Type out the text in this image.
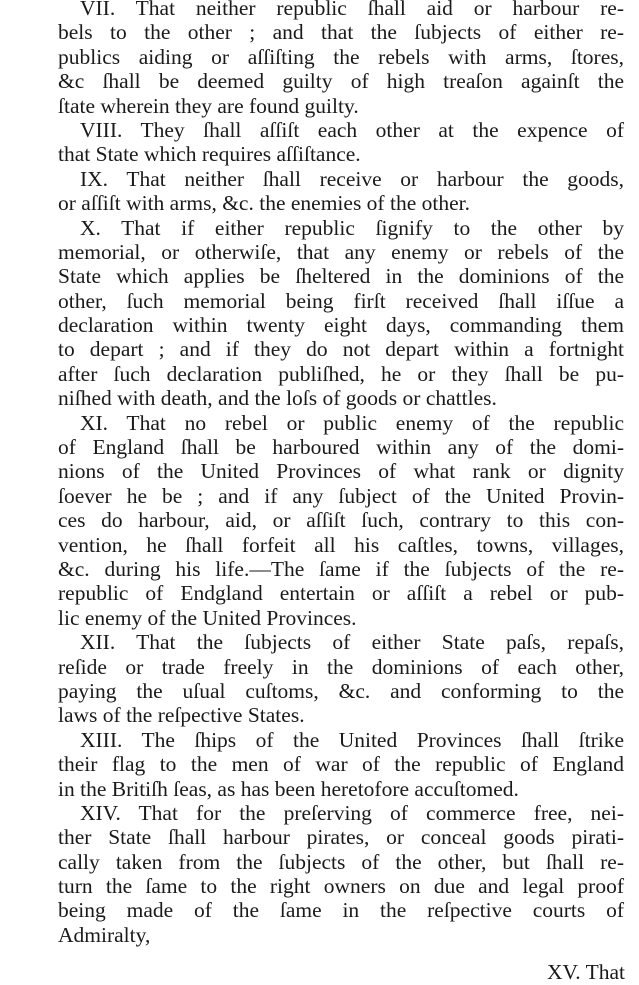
VII. That neither republic ſhall aid or harbour re-
bels to the other ; and that the ſubjects of either re-
publics aiding or aſſiſting the rebels with arms, ſtores,
&c ſhall be deemed guilty of high treaſon againſt the
ſtate wherein they are found guilty.
VIII. They ſhall aſſiſt each other at the expence of
that State which requires aſſiſtance.
IX. That neither ſhall receive or harbour the goods,
or aſſiſt with arms, &c. the enemies of the other.
X. That if either republic ſignify to the other by
memorial, or otherwiſe, that any enemy or rebels of the
State which applies be ſheltered in the dominions of the
other, ſuch memorial being firſt received ſhall iſſue a
declaration within twenty eight days, commanding them
to depart ; and if they do not depart within a fortnight
after ſuch declaration publiſhed, he or they ſhall be pu-
niſhed with death, and the loſs of goods or chattles.
XI. That no rebel or public enemy of the republic
of England ſhall be harboured within any of the domi-
nions of the United Provinces of what rank or dignity
ſoever he be ; and if any ſubject of the United Provin-
ces do harbour, aid, or aſſiſt ſuch, contrary to this con-
vention, he ſhall forfeit all his caſtles, towns, villages,
&c. during his life.—The ſame if the ſubjects of the re-
republic of Endgland entertain or aſſiſt a rebel or pub-
lic enemy of the United Provinces.
XII. That the ſubjects of either State paſs, repaſs,
reſide or trade freely in the dominions of each other,
paying the uſual cuſtoms, &c. and conforming to the
laws of the reſpective States.
XIII. The ſhips of the United Provinces ſhall ſtrike
their flag to the men of war of the republic of England
in the Britiſh ſeas, as has been heretofore accuſtomed.
XIV. That for the preſerving of commerce free, nei-
ther State ſhall harbour pirates, or conceal goods pirati-
cally taken from the ſubjects of the other, but ſhall re-
turn the ſame to the right owners on due and legal proof
being made of the ſame in the reſpective courts of
Admiralty,
XV. That
